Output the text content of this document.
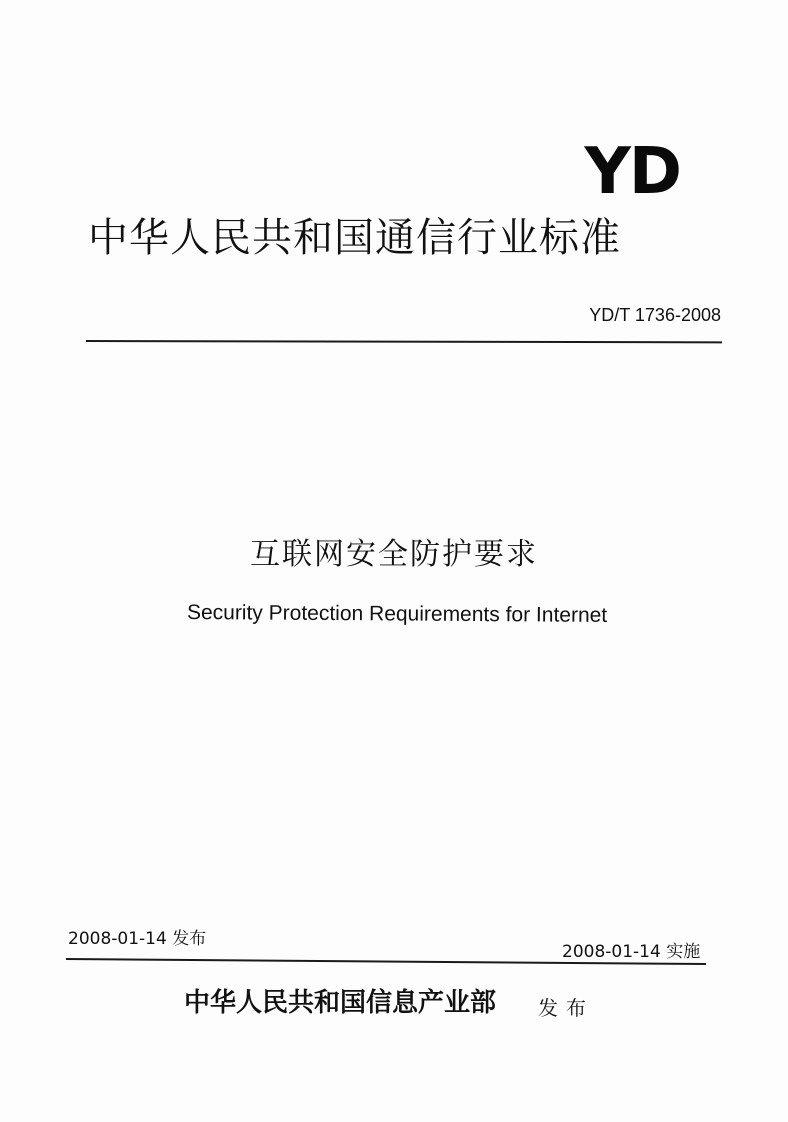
YD
中华人民共和国通信行业标准
YD/T 1736-2008
互联网安全防护要求
Security Protection Requirements for Internet
2008-01-14 发布
2008-01-14 实施
中华人民共和国信息产业部 发布
